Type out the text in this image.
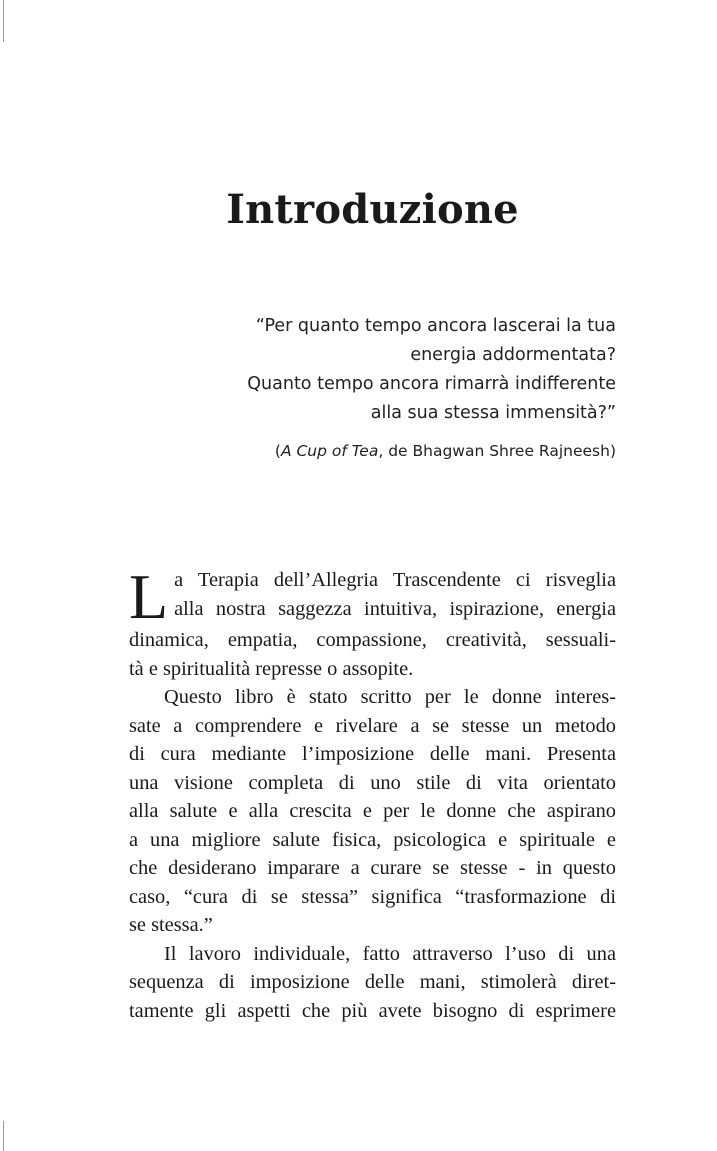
Introduzione
“Per quanto tempo ancora lascerai la tua
energia addormentata?
Quanto tempo ancora rimarrà indifferente
alla sua stessa immensità?”
(A Cup of Tea, de Bhagwan Shree Rajneesh)
L a Terapia dell’Allegria Trascendente ci risveglia
alla nostra saggezza intuitiva, ispirazione, energia
dinamica, empatia, compassione, creatività, sessuali-
tà e spiritualità represse o assopite.
Questo libro è stato scritto per le donne interes-
sate a comprendere e rivelare a se stesse un metodo
di cura mediante l’imposizione delle mani. Presenta
una visione completa di uno stile di vita orientato
alla salute e alla crescita e per le donne che aspirano
a una migliore salute fisica, psicologica e spirituale e
che desiderano imparare a curare se stesse - in questo
caso, “cura di se stessa” significa “trasformazione di
se stessa.”
Il lavoro individuale, fatto attraverso l’uso di una
sequenza di imposizione delle mani, stimolerà diret-
tamente gli aspetti che più avete bisogno di esprimere
